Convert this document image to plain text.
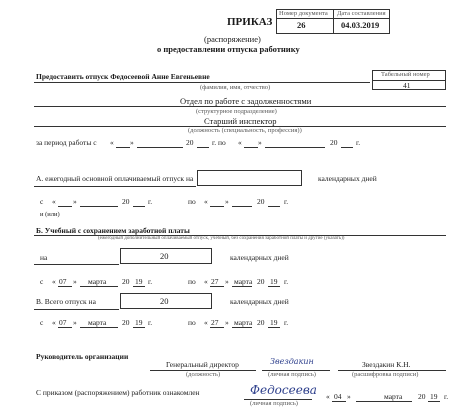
Номер документа Дата составления
26	04.03.2019
ПРИКАЗ
(распоряжение)
о предоставлении отпуска работнику
Предоставить отпуск Федосеевой Анне Евгеньевне	Табельный номер
41
(фамилия, имя, отчество)
Отдел по работе с задолженностями
(структурное подразделение)
Старший инспектор
(должность (специальность, профессия))
за период работы с « »	20 г. по « »	20 г.
А. ежегодный основной оплачиваемый отпуск на	календарных дней
с « »	20 г.	по « »	20	г.
и (или)
Б. Учебный с сохранением заработной платы
(ежегодный дополнительный оплачиваемый отпуск, учебный, без сохранения заработной платы и другие (указать))
на	20	календарных дней
с « 07 » марта 20 19 г.	по « 27 » марта 20 19 г.
В. Всего отпуск на	20	календарных дней
с « 07 » марта 20 19 г.	по « 27 » марта 20 19 г.
Руководитель организации
Генеральный директор
(должность)
Звездакин
(личная подпись)
Звездакин К.Н.
(расшифровка подписи)
С приказом (распоряжением) работник ознакомлен	Федосеева
(личная подпись)
« 04 »	марта 20 19 г.
